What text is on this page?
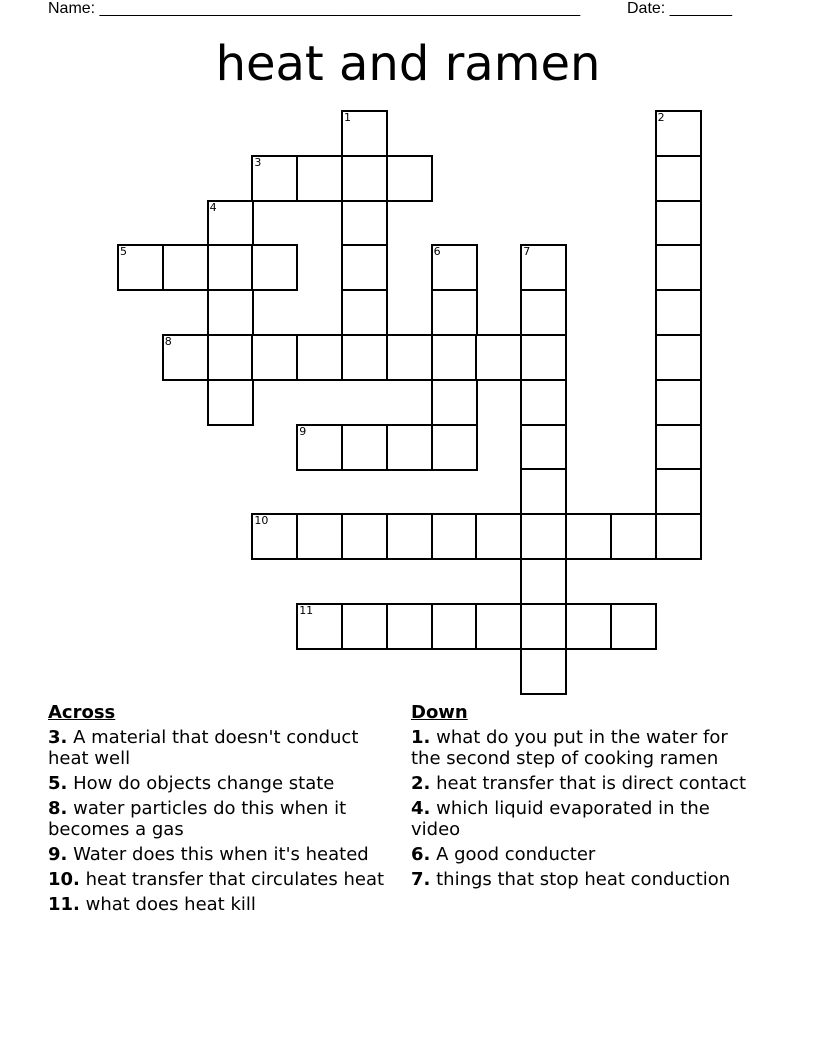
Name: ______________________________________________________	Date: _______
heat and ramen
1	2
3
4
5	6	7
8
9
10
11
Across
3. A material that doesn't conduct heat well
5. How do objects change state
8. water particles do this when it becomes a gas
9. Water does this when it's heated
10. heat transfer that circulates heat
11. what does heat kill
Down
1. what do you put in the water for the second step of cooking ramen
2. heat transfer that is direct contact
4. which liquid evaporated in the video
6. A good conducter
7. things that stop heat conduction
